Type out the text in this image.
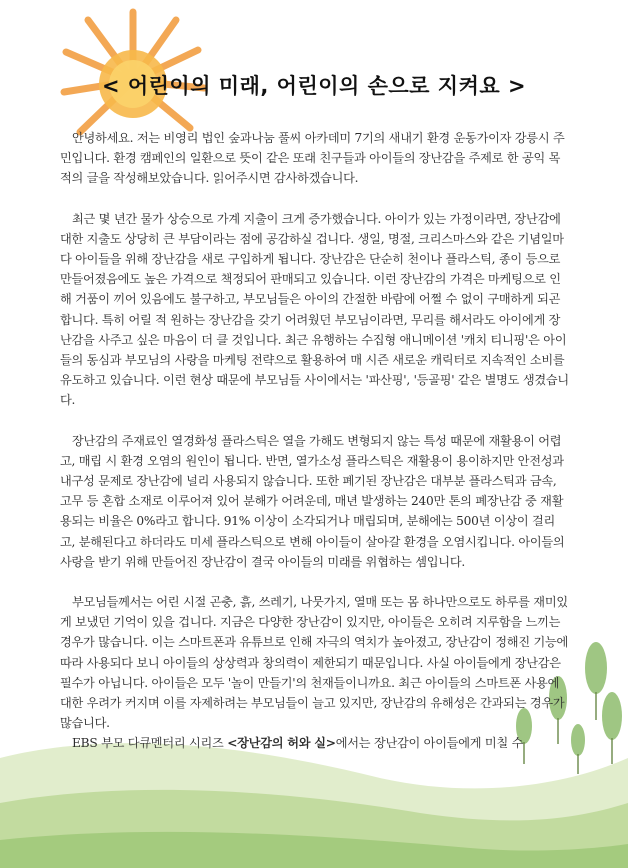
< 어린이의 미래, 어린이의 손으로 지켜요 >

안녕하세요. 저는 비영리 법인 숲과나눔 풀씨 아카데미 7기의 새내기 환경 운동가이자 강릉시 주민입니다. 환경 캠페인의 일환으로 뜻이 같은 또래 친구들과 아이들의 장난감을 주제로 한 공익 목적의 글을 작성해보았습니다. 읽어주시면 감사하겠습니다.

최근 몇 년간 물가 상승으로 가계 지출이 크게 증가했습니다. 아이가 있는 가정이라면, 장난감에 대한 지출도 상당히 큰 부담이라는 점에 공감하실 겁니다. 생일, 명절, 크리스마스와 같은 기념일마다 아이들을 위해 장난감을 새로 구입하게 됩니다. 장난감은 단순히 천이나 플라스틱, 종이 등으로 만들어졌음에도 높은 가격으로 책정되어 판매되고 있습니다. 이런 장난감의 가격은 마케팅으로 인해 거품이 끼어 있음에도 불구하고, 부모님들은 아이의 간절한 바람에 어쩔 수 없이 구매하게 되곤 합니다. 특히 어릴 적 원하는 장난감을 갖기 어려웠던 부모님이라면, 무리를 해서라도 아이에게 장난감을 사주고 싶은 마음이 더 클 것입니다. 최근 유행하는 수집형 애니메이션 '캐치 티니핑'은 아이들의 동심과 부모님의 사랑을 마케팅 전략으로 활용하여 매 시즌 새로운 캐릭터로 지속적인 소비를 유도하고 있습니다. 이런 현상 때문에 부모님들 사이에서는 '파산핑', '등골핑' 같은 별명도 생겼습니다.

장난감의 주재료인 열경화성 플라스틱은 열을 가해도 변형되지 않는 특성 때문에 재활용이 어렵고, 매립 시 환경 오염의 원인이 됩니다. 반면, 열가소성 플라스틱은 재활용이 용이하지만 안전성과 내구성 문제로 장난감에 널리 사용되지 않습니다. 또한 폐기된 장난감은 대부분 플라스틱과 금속, 고무 등 혼합 소재로 이루어져 있어 분해가 어려운데, 매년 발생하는 240만 톤의 폐장난감 중 재활용되는 비율은 0%라고 합니다. 91% 이상이 소각되거나 매립되며, 분해에는 500년 이상이 걸리고, 분해된다고 하더라도 미세 플라스틱으로 변해 아이들이 살아갈 환경을 오염시킵니다. 아이들의 사랑을 받기 위해 만들어진 장난감이 결국 아이들의 미래를 위협하는 셈입니다.

부모님들께서는 어린 시절 곤충, 흙, 쓰레기, 나뭇가지, 열매 또는 몸 하나만으로도 하루를 재미있게 보냈던 기억이 있을 겁니다. 지금은 다양한 장난감이 있지만, 아이들은 오히려 지루함을 느끼는 경우가 많습니다. 이는 스마트폰과 유튜브로 인해 자극의 역치가 높아졌고, 장난감이 정해진 기능에 따라 사용되다 보니 아이들의 상상력과 창의력이 제한되기 때문입니다. 사실 아이들에게 장난감은 필수가 아닙니다. 아이들은 모두 '놀이 만들기'의 천재들이니까요. 최근 아이들의 스마트폰 사용에 대한 우려가 커지며 이를 자제하려는 부모님들이 늘고 있지만, 장난감의 유해성은 간과되는 경우가 많습니다.

EBS 부모 다큐멘터리 시리즈 <장난감의 허와 실>에서는 장난감이 아이들에게 미칠 수
